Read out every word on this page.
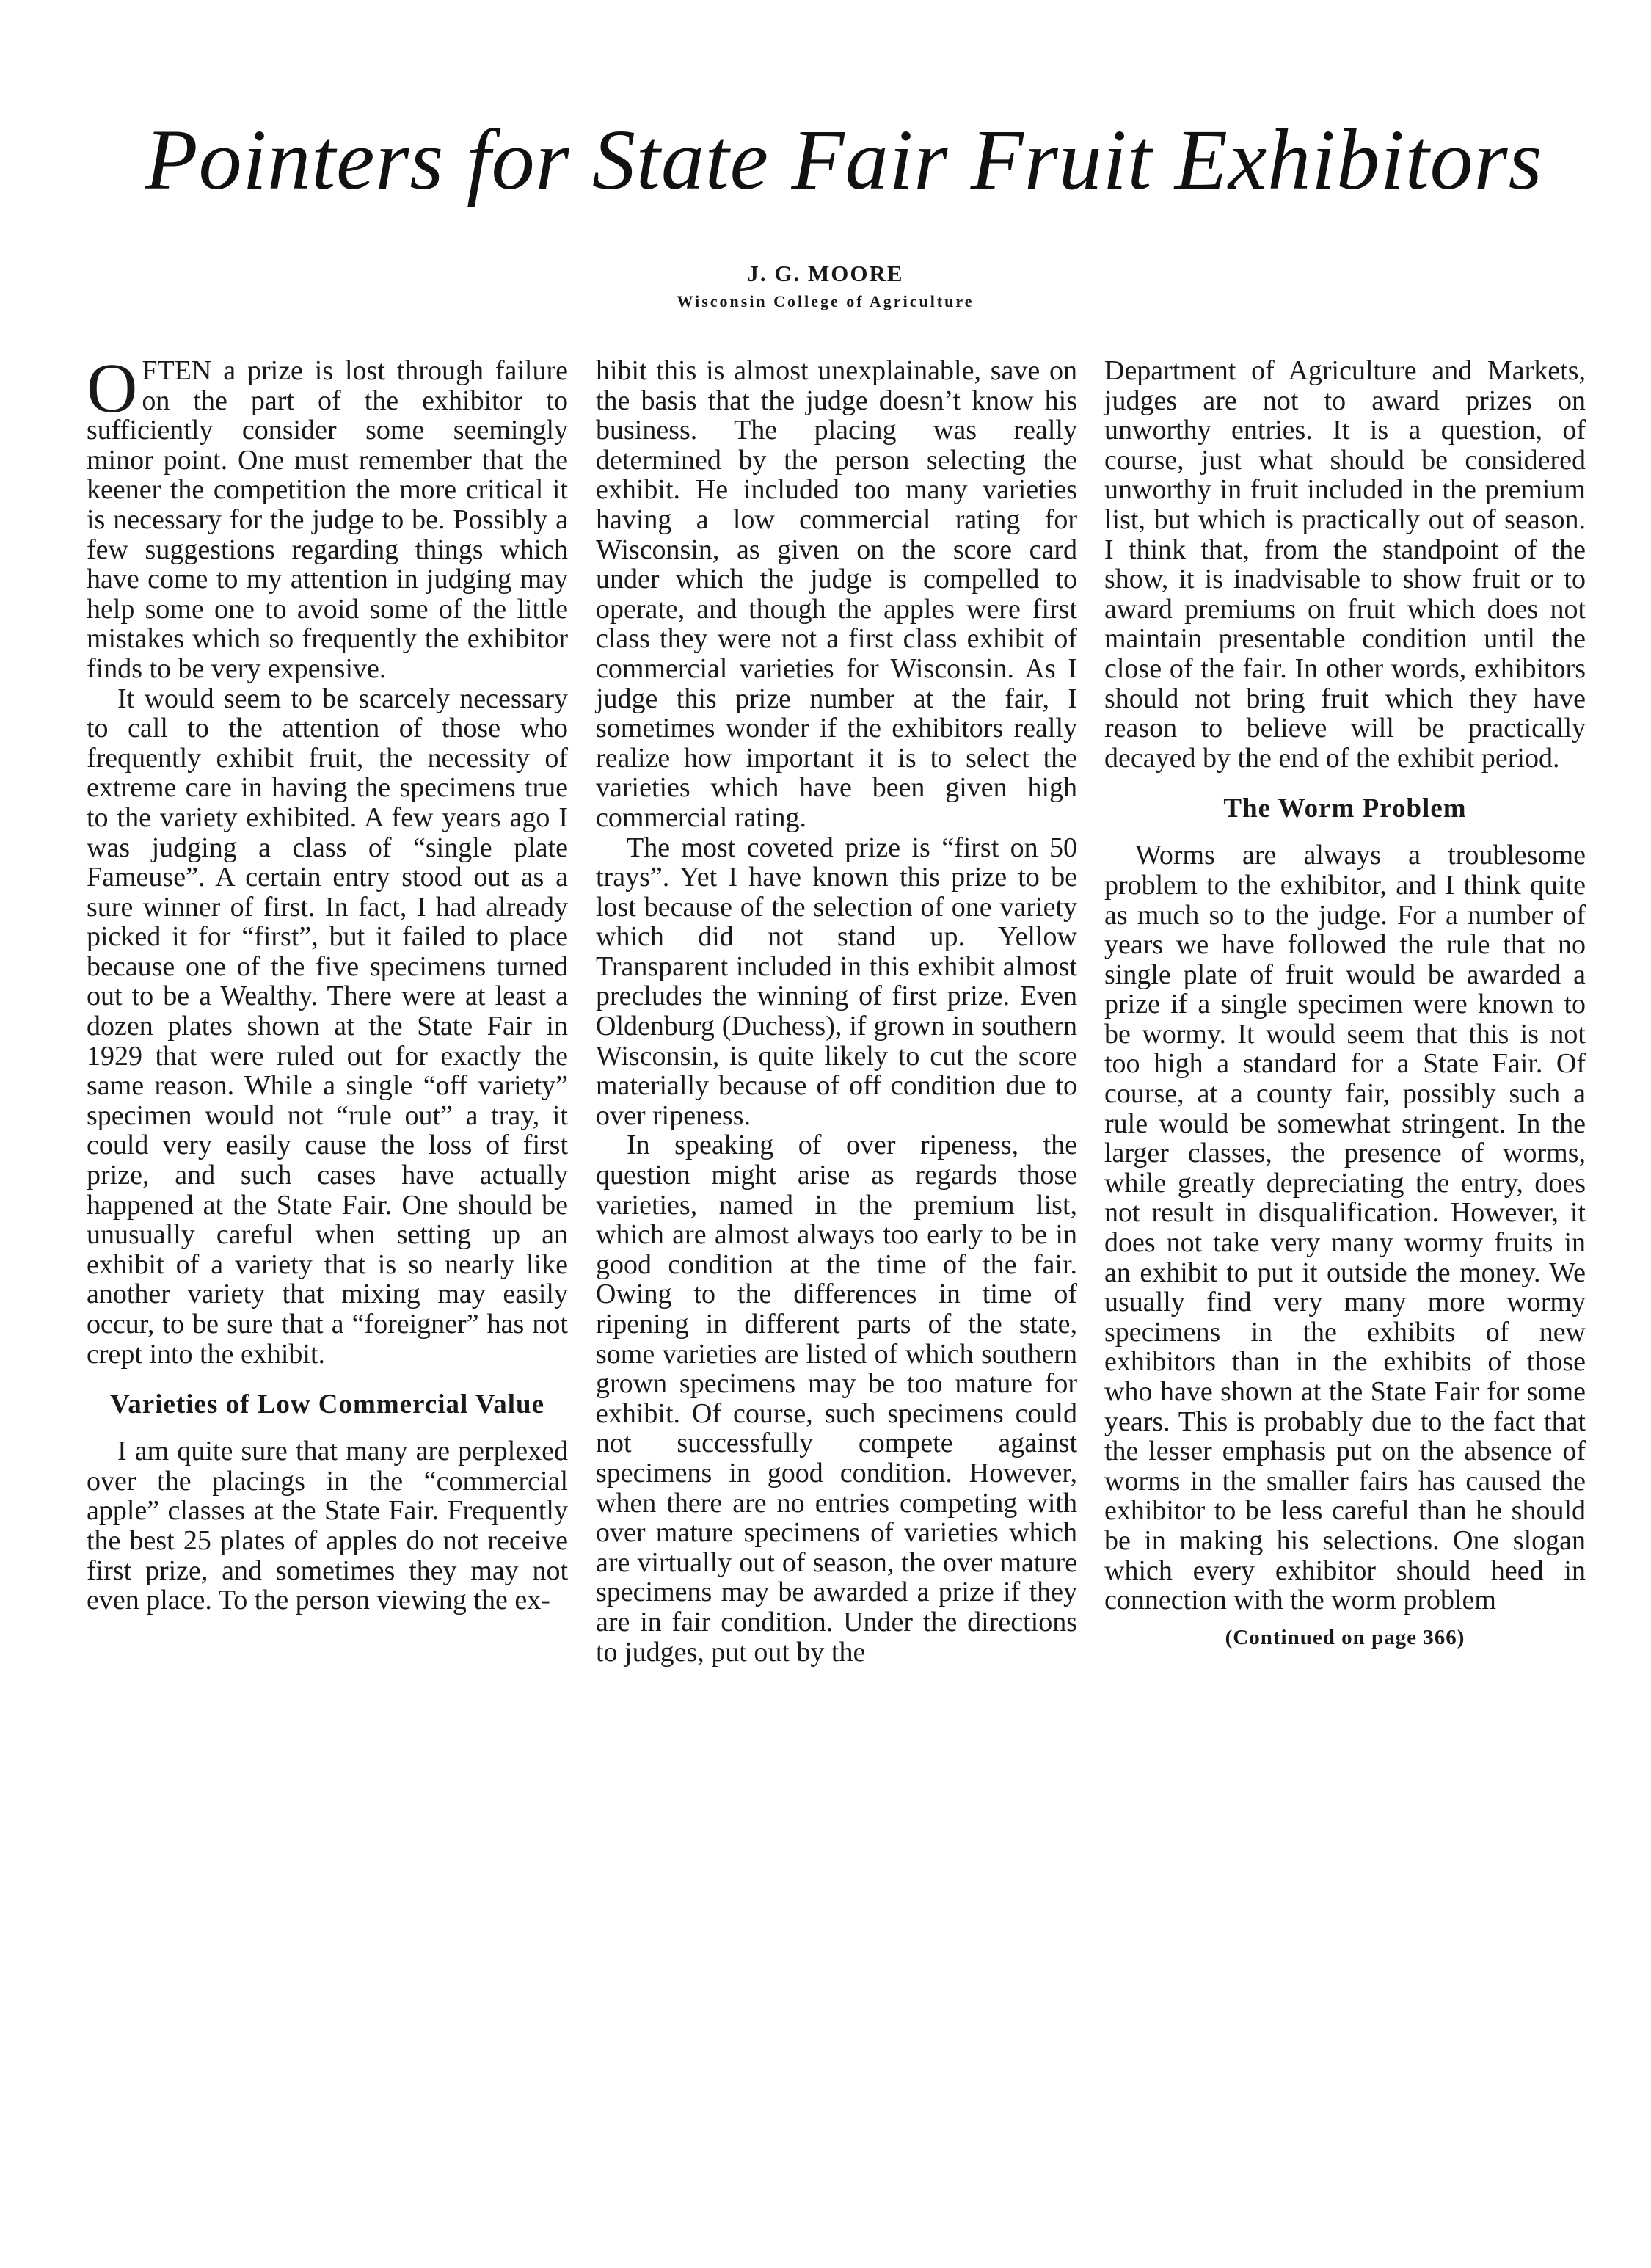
Pointers for State Fair Fruit Exhibitors
J. G. MOORE
Wisconsin College of Agriculture

OFTEN a prize is lost through failure on the part of the exhibitor to sufficiently consider some seemingly minor point. One must remember that the keener the competition the more critical it is necessary for the judge to be. Possibly a few suggestions regarding things which have come to my attention in judging may help some one to avoid some of the little mistakes which so frequently the exhibitor finds to be very expensive.

It would seem to be scarcely necessary to call to the attention of those who frequently exhibit fruit, the necessity of extreme care in having the specimens true to the variety exhibited. A few years ago I was judging a class of “single plate Fameuse”. A certain entry stood out as a sure winner of first. In fact, I had already picked it for “first”, but it failed to place because one of the five specimens turned out to be a Wealthy. There were at least a dozen plates shown at the State Fair in 1929 that were ruled out for exactly the same reason. While a single “off variety” specimen would not “rule out” a tray, it could very easily cause the loss of first prize, and such cases have actually happened at the State Fair. One should be unusually careful when setting up an exhibit of a variety that is so nearly like another variety that mixing may easily occur, to be sure that a “foreigner” has not crept into the exhibit.

Varieties of Low Commercial Value

I am quite sure that many are perplexed over the placings in the “commercial apple” classes at the State Fair. Frequently the best 25 plates of apples do not receive first prize, and sometimes they may not even place. To the person viewing the ex-

hibit this is almost unexplainable, save on the basis that the judge doesn’t know his business. The placing was really determined by the person selecting the exhibit. He included too many varieties having a low commercial rating for Wisconsin, as given on the score card under which the judge is compelled to operate, and though the apples were first class they were not a first class exhibit of commercial varieties for Wisconsin. As I judge this prize number at the fair, I sometimes wonder if the exhibitors really realize how important it is to select the varieties which have been given high commercial rating.

The most coveted prize is “first on 50 trays”. Yet I have known this prize to be lost because of the selection of one variety which did not stand up. Yellow Transparent included in this exhibit almost precludes the winning of first prize. Even Oldenburg (Duchess), if grown in southern Wisconsin, is quite likely to cut the score materially because of off condition due to over ripeness.

In speaking of over ripeness, the question might arise as regards those varieties, named in the premium list, which are almost always too early to be in good condition at the time of the fair. Owing to the differences in time of ripening in different parts of the state, some varieties are listed of which southern grown specimens may be too mature for exhibit. Of course, such specimens could not successfully compete against specimens in good condition. However, when there are no entries competing with over mature specimens of varieties which are virtually out of season, the over mature specimens may be awarded a prize if they are in fair condition. Under the directions to judges, put out by the

Department of Agriculture and Markets, judges are not to award prizes on unworthy entries. It is a question, of course, just what should be considered unworthy in fruit included in the premium list, but which is practically out of season. I think that, from the standpoint of the show, it is inadvisable to show fruit or to award premiums on fruit which does not maintain presentable condition until the close of the fair. In other words, exhibitors should not bring fruit which they have reason to believe will be practically decayed by the end of the exhibit period.

The Worm Problem

Worms are always a troublesome problem to the exhibitor, and I think quite as much so to the judge. For a number of years we have followed the rule that no single plate of fruit would be awarded a prize if a single specimen were known to be wormy. It would seem that this is not too high a standard for a State Fair. Of course, at a county fair, possibly such a rule would be somewhat stringent. In the larger classes, the presence of worms, while greatly depreciating the entry, does not result in disqualification. However, it does not take very many wormy fruits in an exhibit to put it outside the money. We usually find very many more wormy specimens in the exhibits of new exhibitors than in the exhibits of those who have shown at the State Fair for some years. This is probably due to the fact that the lesser emphasis put on the absence of worms in the smaller fairs has caused the exhibitor to be less careful than he should be in making his selections. One slogan which every exhibitor should heed in connection with the worm problem

(Continued on page 366)
